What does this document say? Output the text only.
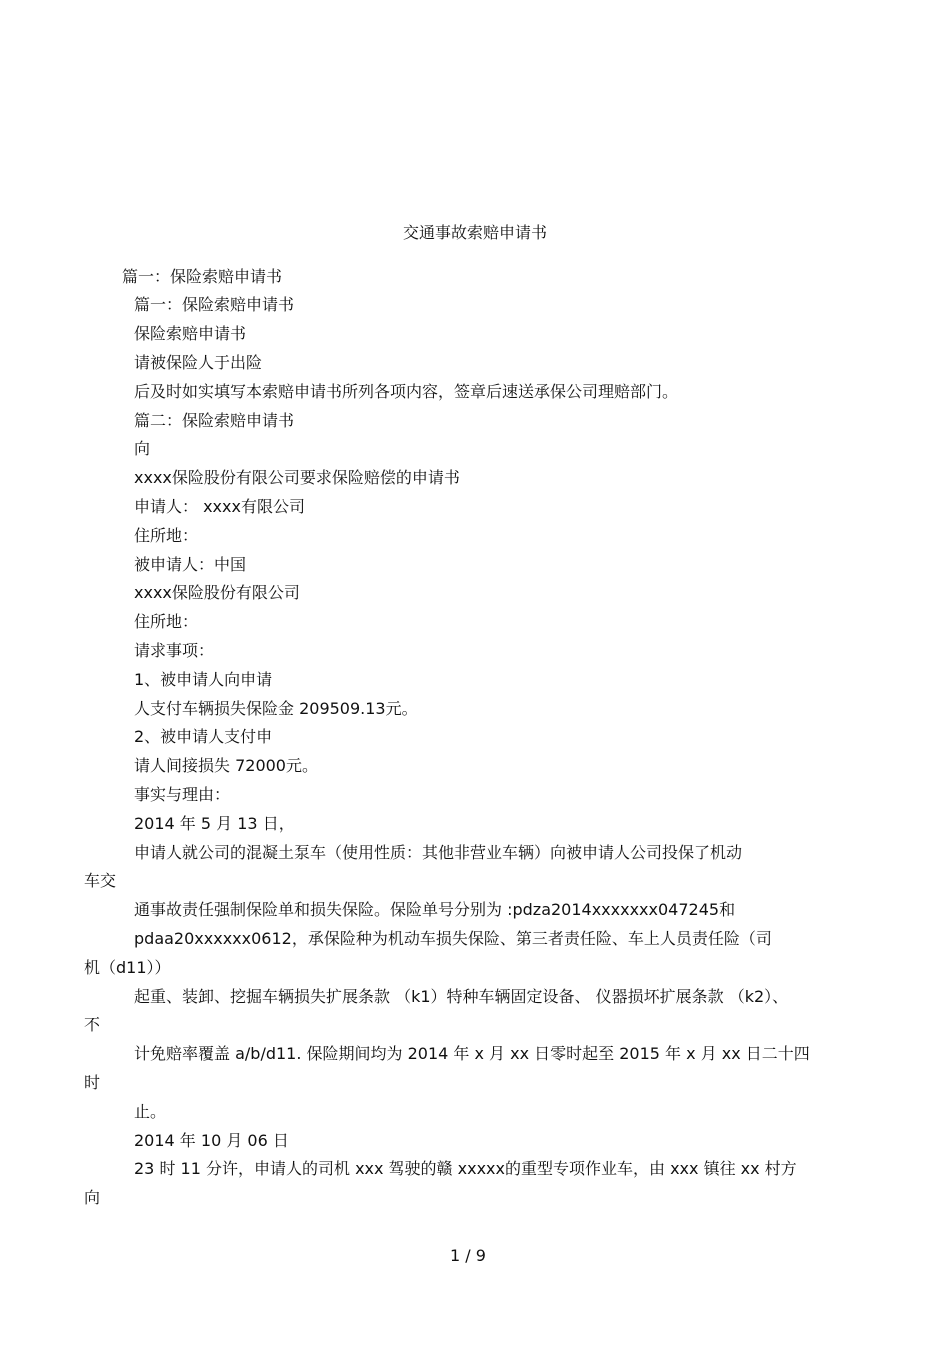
交通事故索赔申请书
篇一：保险索赔申请书
篇一：保险索赔申请书
保险索赔申请书
请被保险人于出险
后及时如实填写本索赔申请书所列各项内容，签章后速送承保公司理赔部门。
篇二：保险索赔申请书
向
xxxx保险股份有限公司要求保险赔偿的申请书
申请人： xxxx有限公司
住所地：
被申请人：中国
xxxx保险股份有限公司
住所地：
请求事项：
1、被申请人向申请
人支付车辆损失保险金 209509.13元。
2、被申请人支付申
请人间接损失 72000元。
事实与理由：
2014 年 5 月 13 日，
申请人就公司的混凝土泵车（使用性质：其他非营业车辆）向被申请人公司投保了机动
车交
通事故责任强制保险单和损失保险。保险单号分别为 :pdza2014xxxxxxx047245和
pdaa20xxxxxx0612，承保险种为机动车损失保险、第三者责任险、车上人员责任险（司
机（d11））
起重、装卸、挖掘车辆损失扩展条款 （k1）特种车辆固定设备、 仪器损坏扩展条款 （k2）、
不
计免赔率覆盖 a/b/d11. 保险期间均为 2014 年 x 月 xx 日零时起至 2015 年 x 月 xx 日二十四
时
止。
2014 年 10 月 06 日
23 时 11 分许，申请人的司机 xxx 驾驶的赣 xxxxx的重型专项作业车，由 xxx 镇往 xx 村方
向
1 / 9
